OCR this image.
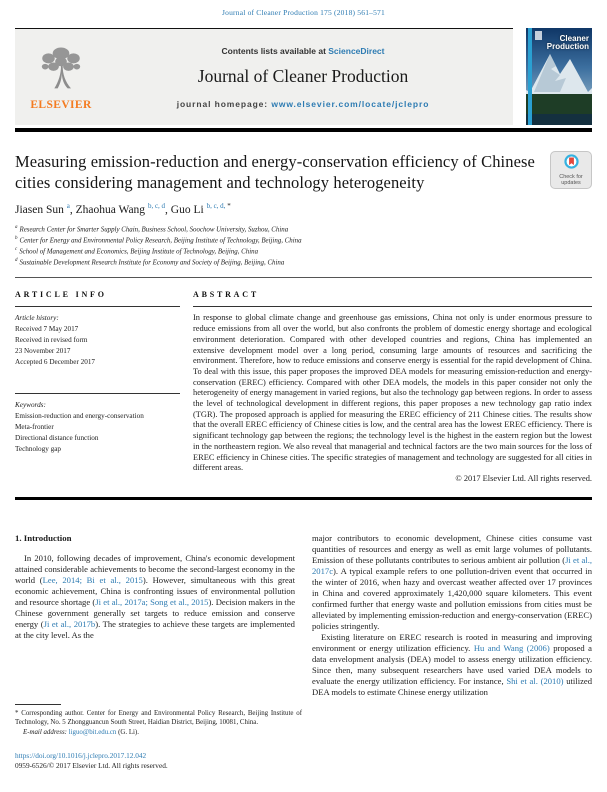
Journal of Cleaner Production 175 (2018) 561–571
ELSEVIER
Contents lists available at ScienceDirect
Journal of Cleaner Production
journal homepage: www.elsevier.com/locate/jclepro
Cleaner Production
Measuring emission-reduction and energy-conservation efficiency of Chinese cities considering management and technology heterogeneity	Check for
updates
Jiasen Sun $^a$, Zhaohua Wang $^{b, c, d}$, Guo Li $^{b, c, d,}$ *
$^a$ Research Center for Smarter Supply Chain, Business School, Soochow University, Suzhou, China
$^b$ Center for Energy and Environmental Policy Research, Beijing Institute of Technology, Beijing, China
$^c$ School of Management and Economics, Beijing Institute of Technology, Beijing, China
$^d$ Sustainable Development Research Institute for Economy and Society of Beijing, Beijing, China
ARTICLE INFO
Article history:
Received 7 May 2017
Received in revised form
23 November 2017
Accepted 6 December 2017
Keywords:
Emission-reduction and energy-conservation
Meta-frontier
Directional distance function
Technology gap
ABSTRACT

In response to global climate change and greenhouse gas emissions, China not only is under enormous pressure to reduce emissions from all over the world, but also confronts the problem of domestic energy shortage and ecological environment deterioration. Compared with other developed countries and regions, China has implemented an extensive development model over a long period, consuming large amounts of resources and sacrificing the environment. Therefore, how to reduce emissions and conserve energy is essential for the rapid development of China. To deal with this issue, this paper proposes the improved DEA models for measuring emission-reduction and energy-conservation (EREC) efficiency. Compared with other DEA models, the models in this paper consider not only the heterogeneity of energy management in varied regions, but also the technology gap between regions. In order to assess the level of technological development in different regions, this paper proposes a new technology gap ratio index (TGR). The proposed approach is applied for measuring the EREC efficiency of 211 Chinese cities. The results show that the overall EREC efficiency of Chinese cities is low, and the central area has the lowest EREC efficiency. There is significant technology gap between the regions; the technology level is the highest in the eastern region but the lowest in the northeastern region. We also reveal that managerial and technical factors are the two main sources for the loss of EREC efficiency in Chinese cities. The specific strategies of management and technology are suggested for all cities in different areas.

© 2017 Elsevier Ltd. All rights reserved.
1. Introduction

In 2010, following decades of improvement, China's economic development attained considerable achievements to become the second-largest economy in the world (Lee, 2014; Bi et al., 2015). However, simultaneous with this great economic achievement, China is confronting issues of environmental pollution and resource shortage (Ji et al., 2017a; Song et al., 2015). Decision makers in the Chinese government generally set targets to reduce emission and conserve energy (Ji et al., 2017b). The strategies to achieve these targets are implemented at the city level. As the

major contributors to economic development, Chinese cities consume vast quantities of resources and energy as well as emit large volumes of pollutants. Emission of these pollutants contributes to serious ambient air pollution (Ji et al., 2017c). A typical example refers to one pollution-driven event that occurred in the winter of 2016, when hazy and overcast weather affected over 17 provinces in China and covered approximately 1,420,000 square kilometers. This event confirmed further that energy waste and pollution emissions from cities must be alleviated by implementing emission-reduction and energy-conservation (EREC) policies stringently.

Existing literature on EREC research is rooted in measuring and improving environment or energy utilization efficiency. Hu and Wang (2006) proposed a data envelopment analysis (DEA) model to assess energy utilization efficiency. Since then, many subsequent researchers have used varied DEA models to evaluate the energy utilization efficiency. For instance, Shi et al. (2010) utilized DEA models to estimate Chinese energy utilization

* Corresponding author. Center for Energy and Environmental Policy Research, Beijing Institute of Technology, No. 5 Zhongguancun South Street, Haidian District, Beijing, 10081, China.

E-mail address: liguo@bit.edu.cn (G. Li).

https://doi.org/10.1016/j.jclepro.2017.12.042
0959-6526/© 2017 Elsevier Ltd. All rights reserved.
